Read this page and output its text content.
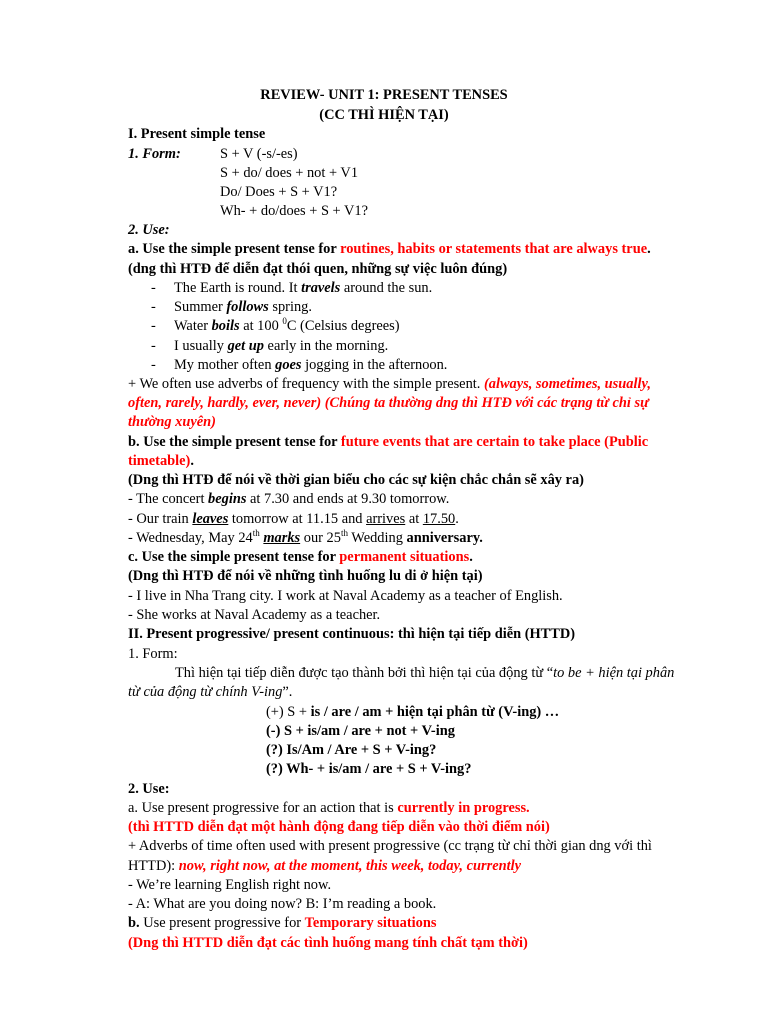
REVIEW- UNIT 1: PRESENT TENSES
(CC THÌ HIỆN TẠI)
I. Present simple tense
1. Form:	S + V (-s/-es)
S + do/ does + not + V1
Do/ Does + S + V1?
Wh- + do/does + S + V1?
2. Use:
a. Use the simple present tense for routines, habits or statements that are always true.
(dng thì HTĐ để diễn đạt thói quen, những sự việc luôn đúng)
- The Earth is round. It travels around the sun.
- Summer follows spring.
- Water boils at 100 $^0$C (Celsius degrees)
- I usually get up early in the morning.
- My mother often goes jogging in the afternoon.
+ We often use adverbs of frequency with the simple present. (always, sometimes, usually,
often, rarely, hardly, ever, never) (Chúng ta thường dng thì HTĐ với các trạng từ chỉ sự
thường xuyên)
b. Use the simple present tense for future events that are certain to take place (Public
timetable).
(Dng thì HTĐ để nói về thời gian biểu cho các sự kiện chắc chắn sẽ xây ra)
- The concert begins at 7.30 and ends at 9.30 tomorrow.
- Our train leaves tomorrow at 11.15 and arrives at 17.50.
- Wednesday, May 24th marks our 25th Wedding anniversary.
c. Use the simple present tense for permanent situations.
(Dng thì HTĐ để nói về những tình huống lu di ở hiện tại)
- I live in Nha Trang city. I work at Naval Academy as a teacher of English.
- She works at Naval Academy as a teacher.
II. Present progressive/ present continuous: thì hiện tại tiếp diễn (HTTD)
1. Form:
Thì hiện tại tiếp diễn được tạo thành bởi thì hiện tại của động từ “to be + hiện tại phân
từ của động từ chính V-ing”.
(+) S + is / are / am + hiện tại phân từ (V-ing) …
(-) S + is/am / are + not + V-ing
(?) Is/Am / Are + S + V-ing?
(?) Wh- + is/am / are + S + V-ing?
2. Use:
a. Use present progressive for an action that is currently in progress.
(thì HTTD diễn đạt một hành động đang tiếp diễn vào thời điểm nói)
+ Adverbs of time often used with present progressive (cc trạng từ chỉ thời gian dng với thì
HTTD): now, right now, at the moment, this week, today, currently
- We’re learning English right now.
- A: What are you doing now? B: I’m reading a book.
b. Use present progressive for Temporary situations
(Dng thì HTTD diễn đạt các tình huống mang tính chất tạm thời)
